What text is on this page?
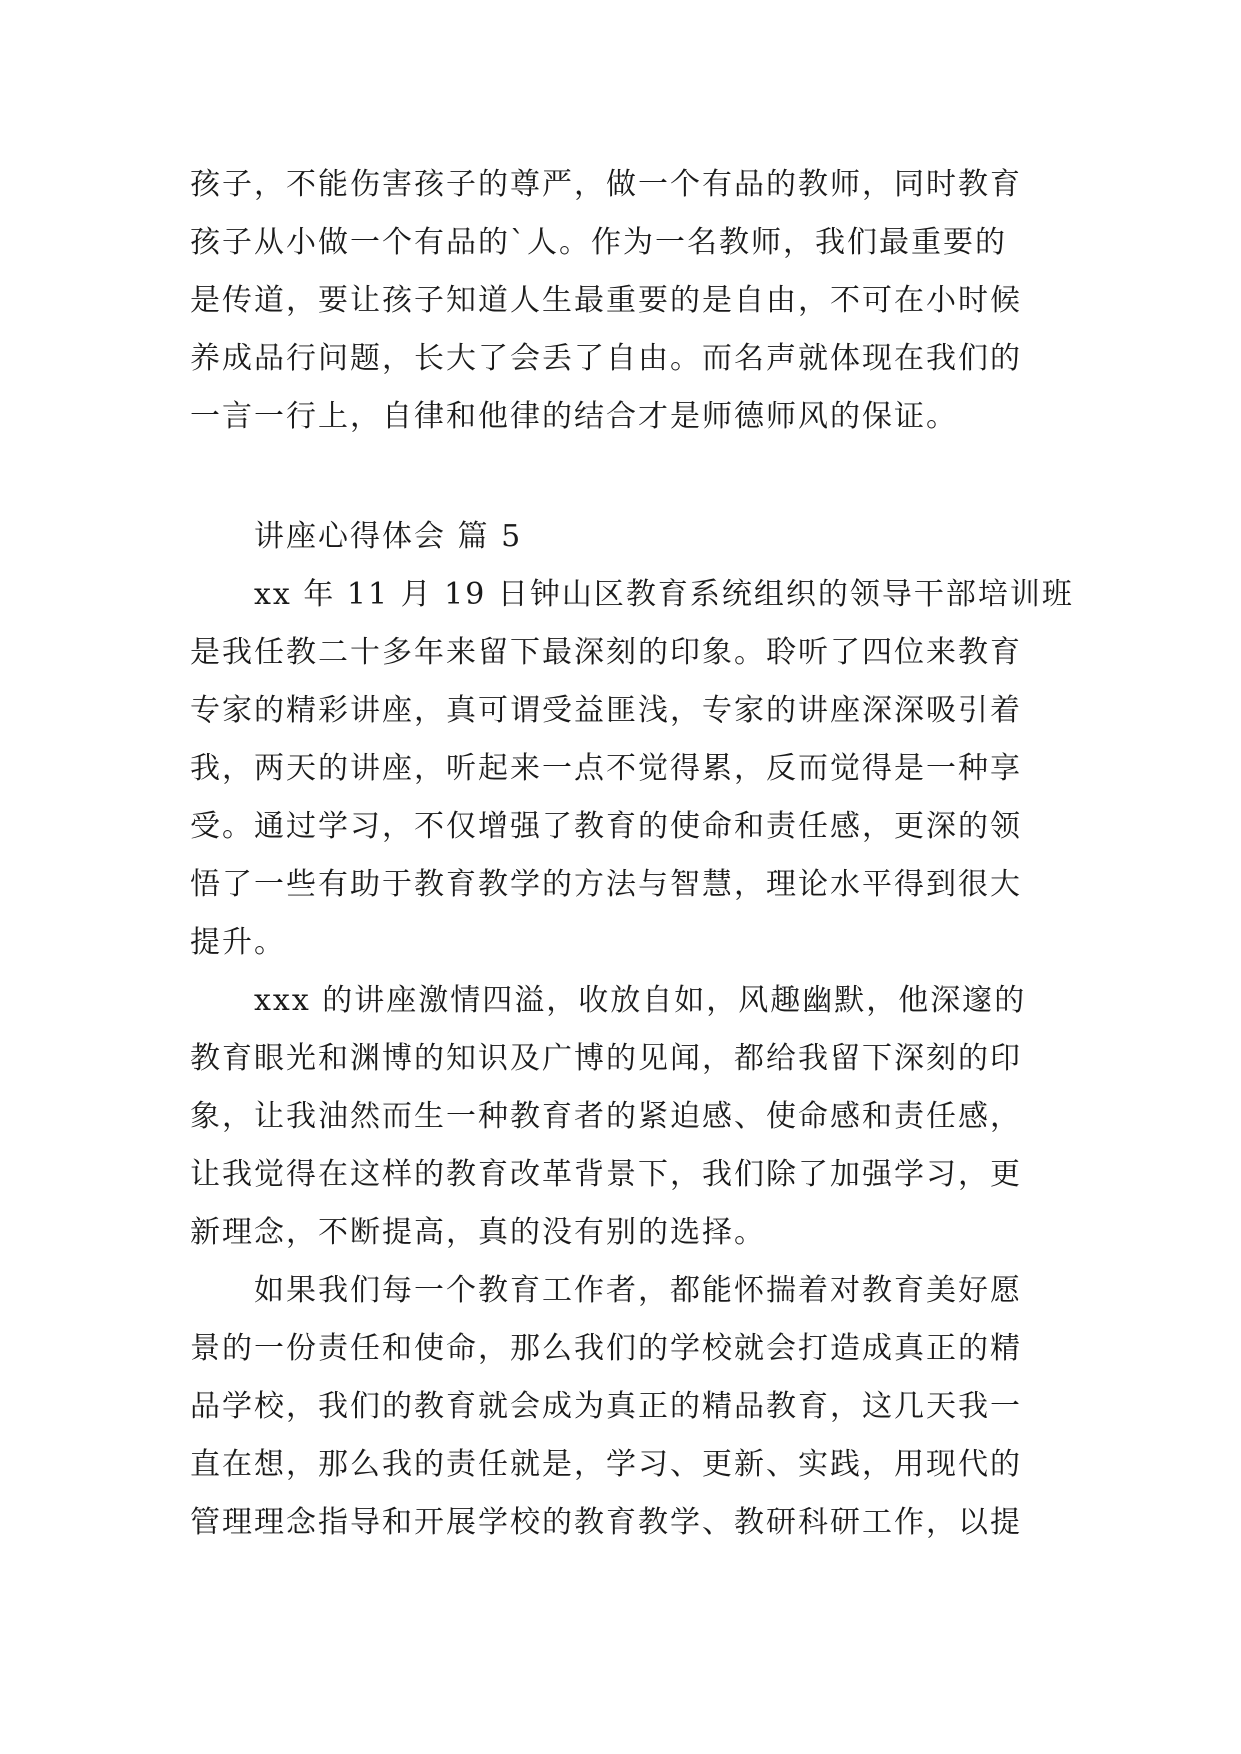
孩子，不能伤害孩子的尊严，做一个有品的教师，同时教育
孩子从小做一个有品的`人。作为一名教师，我们最重要的
是传道，要让孩子知道人生最重要的是自由，不可在小时候
养成品行问题，长大了会丢了自由。而名声就体现在我们的
一言一行上，自律和他律的结合才是师德师风的保证。
讲座心得体会 篇 5
xx 年 11 月 19 日钟山区教育系统组织的领导干部培训班
是我任教二十多年来留下最深刻的印象。聆听了四位来教育
专家的精彩讲座，真可谓受益匪浅，专家的讲座深深吸引着
我，两天的讲座，听起来一点不觉得累，反而觉得是一种享
受。通过学习，不仅增强了教育的使命和责任感，更深的领
悟了一些有助于教育教学的方法与智慧，理论水平得到很大
提升。
xxx 的讲座激情四溢，收放自如，风趣幽默，他深邃的
教育眼光和渊博的知识及广博的见闻，都给我留下深刻的印
象，让我油然而生一种教育者的紧迫感、使命感和责任感，
让我觉得在这样的教育改革背景下，我们除了加强学习，更
新理念，不断提高，真的没有别的选择。
如果我们每一个教育工作者，都能怀揣着对教育美好愿
景的一份责任和使命，那么我们的学校就会打造成真正的精
品学校，我们的教育就会成为真正的精品教育，这几天我一
直在想，那么我的责任就是，学习、更新、实践，用现代的
管理理念指导和开展学校的教育教学、教研科研工作，以提
